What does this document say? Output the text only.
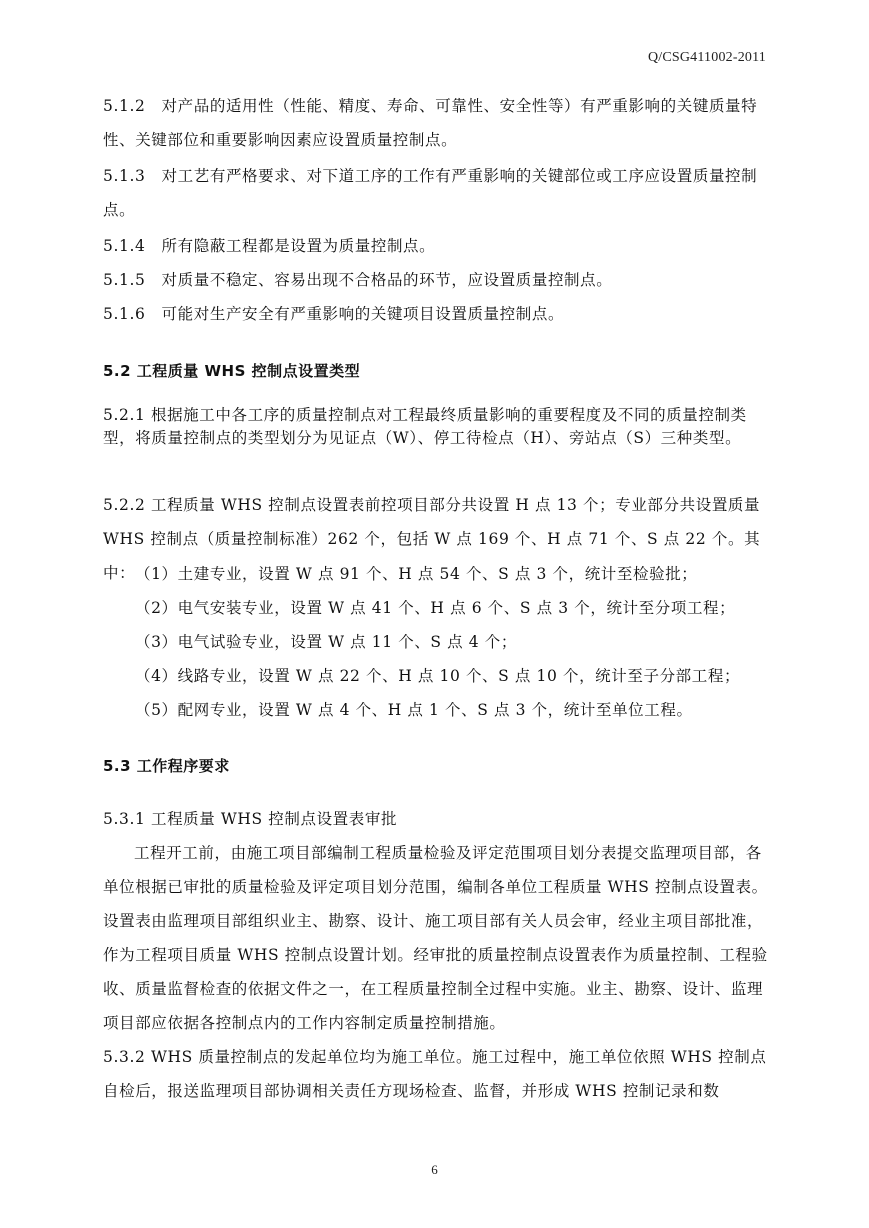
Q/CSG411002-2011
5.1.2　对产品的适用性（性能、精度、寿命、可靠性、安全性等）有严重影响的关键质量特性、关键部位和重要影响因素应设置质量控制点。
5.1.3　对工艺有严格要求、对下道工序的工作有严重影响的关键部位或工序应设置质量控制点。
5.1.4　所有隐蔽工程都是设置为质量控制点。
5.1.5　对质量不稳定、容易出现不合格品的环节，应设置质量控制点。
5.1.6　可能对生产安全有严重影响的关键项目设置质量控制点。
5.2 工程质量 WHS 控制点设置类型
5.2.1 根据施工中各工序的质量控制点对工程最终质量影响的重要程度及不同的质量控制类型，将质量控制点的类型划分为见证点（W）、停工待检点（H）、旁站点（S）三种类型。
5.2.2 工程质量 WHS 控制点设置表前控项目部分共设置 H 点 13 个；专业部分共设置质量 WHS 控制点（质量控制标准）262 个，包括 W 点 169 个、H 点 71 个、S 点 22 个。其中： （1）土建专业，设置 W 点 91 个、H 点 54 个、S 点 3 个，统计至检验批；
（2）电气安装专业，设置 W 点 41 个、H 点 6 个、S 点 3 个，统计至分项工程；
（3）电气试验专业，设置 W 点 11 个、S 点 4 个；
（4）线路专业，设置 W 点 22 个、H 点 10 个、S 点 10 个，统计至子分部工程；
（5）配网专业，设置 W 点 4 个、H 点 1 个、S 点 3 个，统计至单位工程。
5.3 工作程序要求
5.3.1 工程质量 WHS 控制点设置表审批
工程开工前，由施工项目部编制工程质量检验及评定范围项目划分表提交监理项目部，各单位根据已审批的质量检验及评定项目划分范围，编制各单位工程质量 WHS 控制点设置表。设置表由监理项目部组织业主、勘察、设计、施工项目部有关人员会审，经业主项目部批准，作为工程项目质量 WHS 控制点设置计划。经审批的质量控制点设置表作为质量控制、工程验收、质量监督检查的依据文件之一，在工程质量控制全过程中实施。业主、勘察、设计、监理项目部应依据各控制点内的工作内容制定质量控制措施。
5.3.2 WHS 质量控制点的发起单位均为施工单位。施工过程中，施工单位依照 WHS 控制点自检后，报送监理项目部协调相关责任方现场检查、监督，并形成 WHS 控制记录和数
6
